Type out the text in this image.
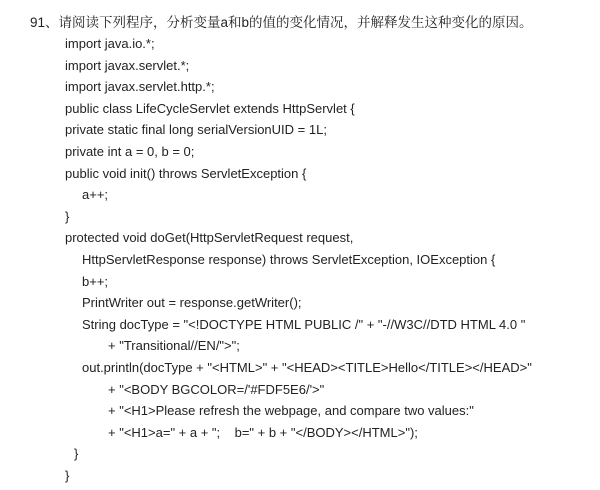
91、请阅读下列程序，分析变量a和b的值的变化情况，并解释发生这种变化的原因。
import java.io.*;
import javax.servlet.*;
import javax.servlet.http.*;
public class LifeCycleServlet extends HttpServlet {
private static final long serialVersionUID = 1L;
private int a = 0, b = 0;
public void init() throws ServletException {
a++;
}
protected void doGet(HttpServletRequest request,
HttpServletResponse response) throws ServletException, IOException {
b++;
PrintWriter out = response.getWriter();
String docType = "<!DOCTYPE HTML PUBLIC /" + "-//W3C//DTD HTML 4.0 "
+ "Transitional//EN/">";
out.println(docType + "<HTML>" + "<HEAD><TITLE>Hello</TITLE></HEAD>"
+ "<BODY BGCOLOR=/'#FDF5E6/'>"
+ "<H1>Please refresh the webpage, and compare two values:"
+ "<H1>a=" + a + ";    b=" + b + "</BODY></HTML>");
}
}
